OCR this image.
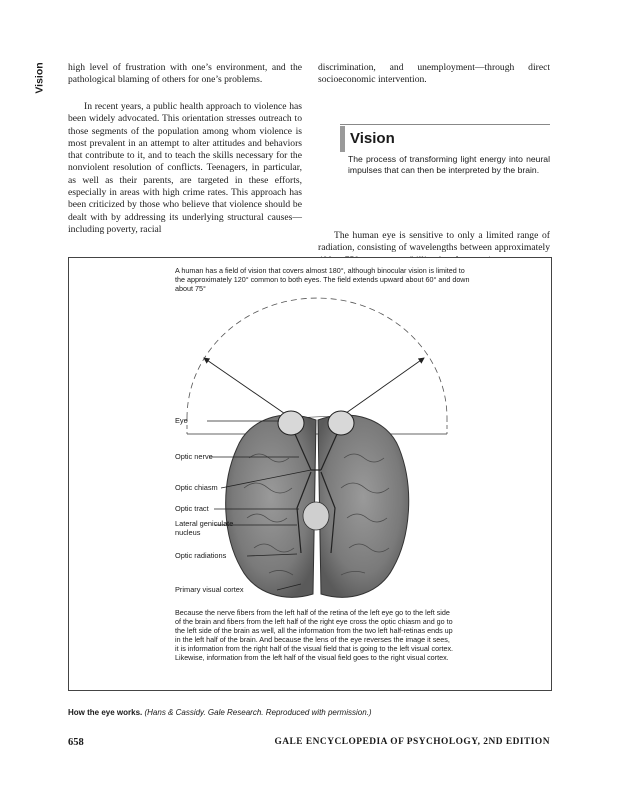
Vision high level of frustration with one’s environment, and the pathological blaming of others for one’s problems.

In recent years, a public health approach to violence has been widely advocated. This orientation stresses outreach to those segments of the population among whom violence is most prevalent in an attempt to alter attitudes and behaviors that contribute to it, and to teach the skills necessary for the nonviolent resolution of conflicts. Teenagers, in particular, as well as their parents, are targeted in these efforts, especially in areas with high crime rates. This approach has been criticized by those who believe that violence should be dealt with by addressing its underlying structural causes—including poverty, racial

discrimination, and unemployment—through direct socioeconomic intervention.

Vision
The process of transforming light energy into neural impulses that can then be interpreted by the brain.

The human eye is sensitive to only a limited range of radiation, consisting of wavelengths between approximately

A human has a field of vision that covers almost 180°, although binocular vision is limited to the approximately 120° common to both eyes. The field extends upward about 60° and down about 75°
Eye
Optic nerve
Optic chiasm
Optic tract
Lateral geniculate nucleus
Optic radiations
Primary visual cortex
Because the nerve fibers from the left half of the retina of the left eye go to the left side of the brain and fibers from the left half of the right eye cross the optic chiasm and go to the left side of the brain as well, all the information from the two left half-retinas ends up in the left half of the brain. And because the lens of the eye reverses the image it sees, it is information from the right half of the visual field that is going to the left visual cortex. Likewise, information from the left half of the visual field goes to the right visual cortex.
How the eye works. (Hans & Cassidy. Gale Research. Reproduced with permission.)
658	GALE ENCYCLOPEDIA OF PSYCHOLOGY, 2ND EDITION
